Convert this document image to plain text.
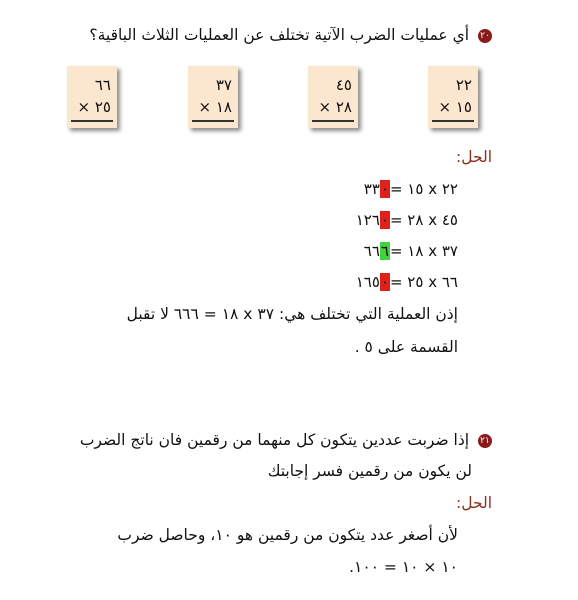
٢٠ أي عمليات الضرب الآتية تختلف عن العمليات الثلاث الباقية؟
٢٢
١٥ ×
٤٥
٢٨ ×
٣٧
١٨ ×
٦٦
٢٥ ×
الحل:
٢٢ x ١٥ =٣٣٠
٤٥ x ٢٨ =١٢٦٠
٣٧ x ١٨ =٦٦٦
٦٦ x ٢٥ =١٦٥٠
إذن العملية التي تختلف هي: ٣٧ x ١٨ = ٦٦٦ لا تقبل
القسمة على ٥ .
٢١ إذا ضربت عددين يتكون كل منهما من رقمين فان ناتج الضرب
لن يكون من رقمين فسر إجابتك
الحل:
لأن أصغر عدد يتكون من رقمين هو ١٠، وحاصل ضرب
١٠ × ١٠ = ١٠٠.
